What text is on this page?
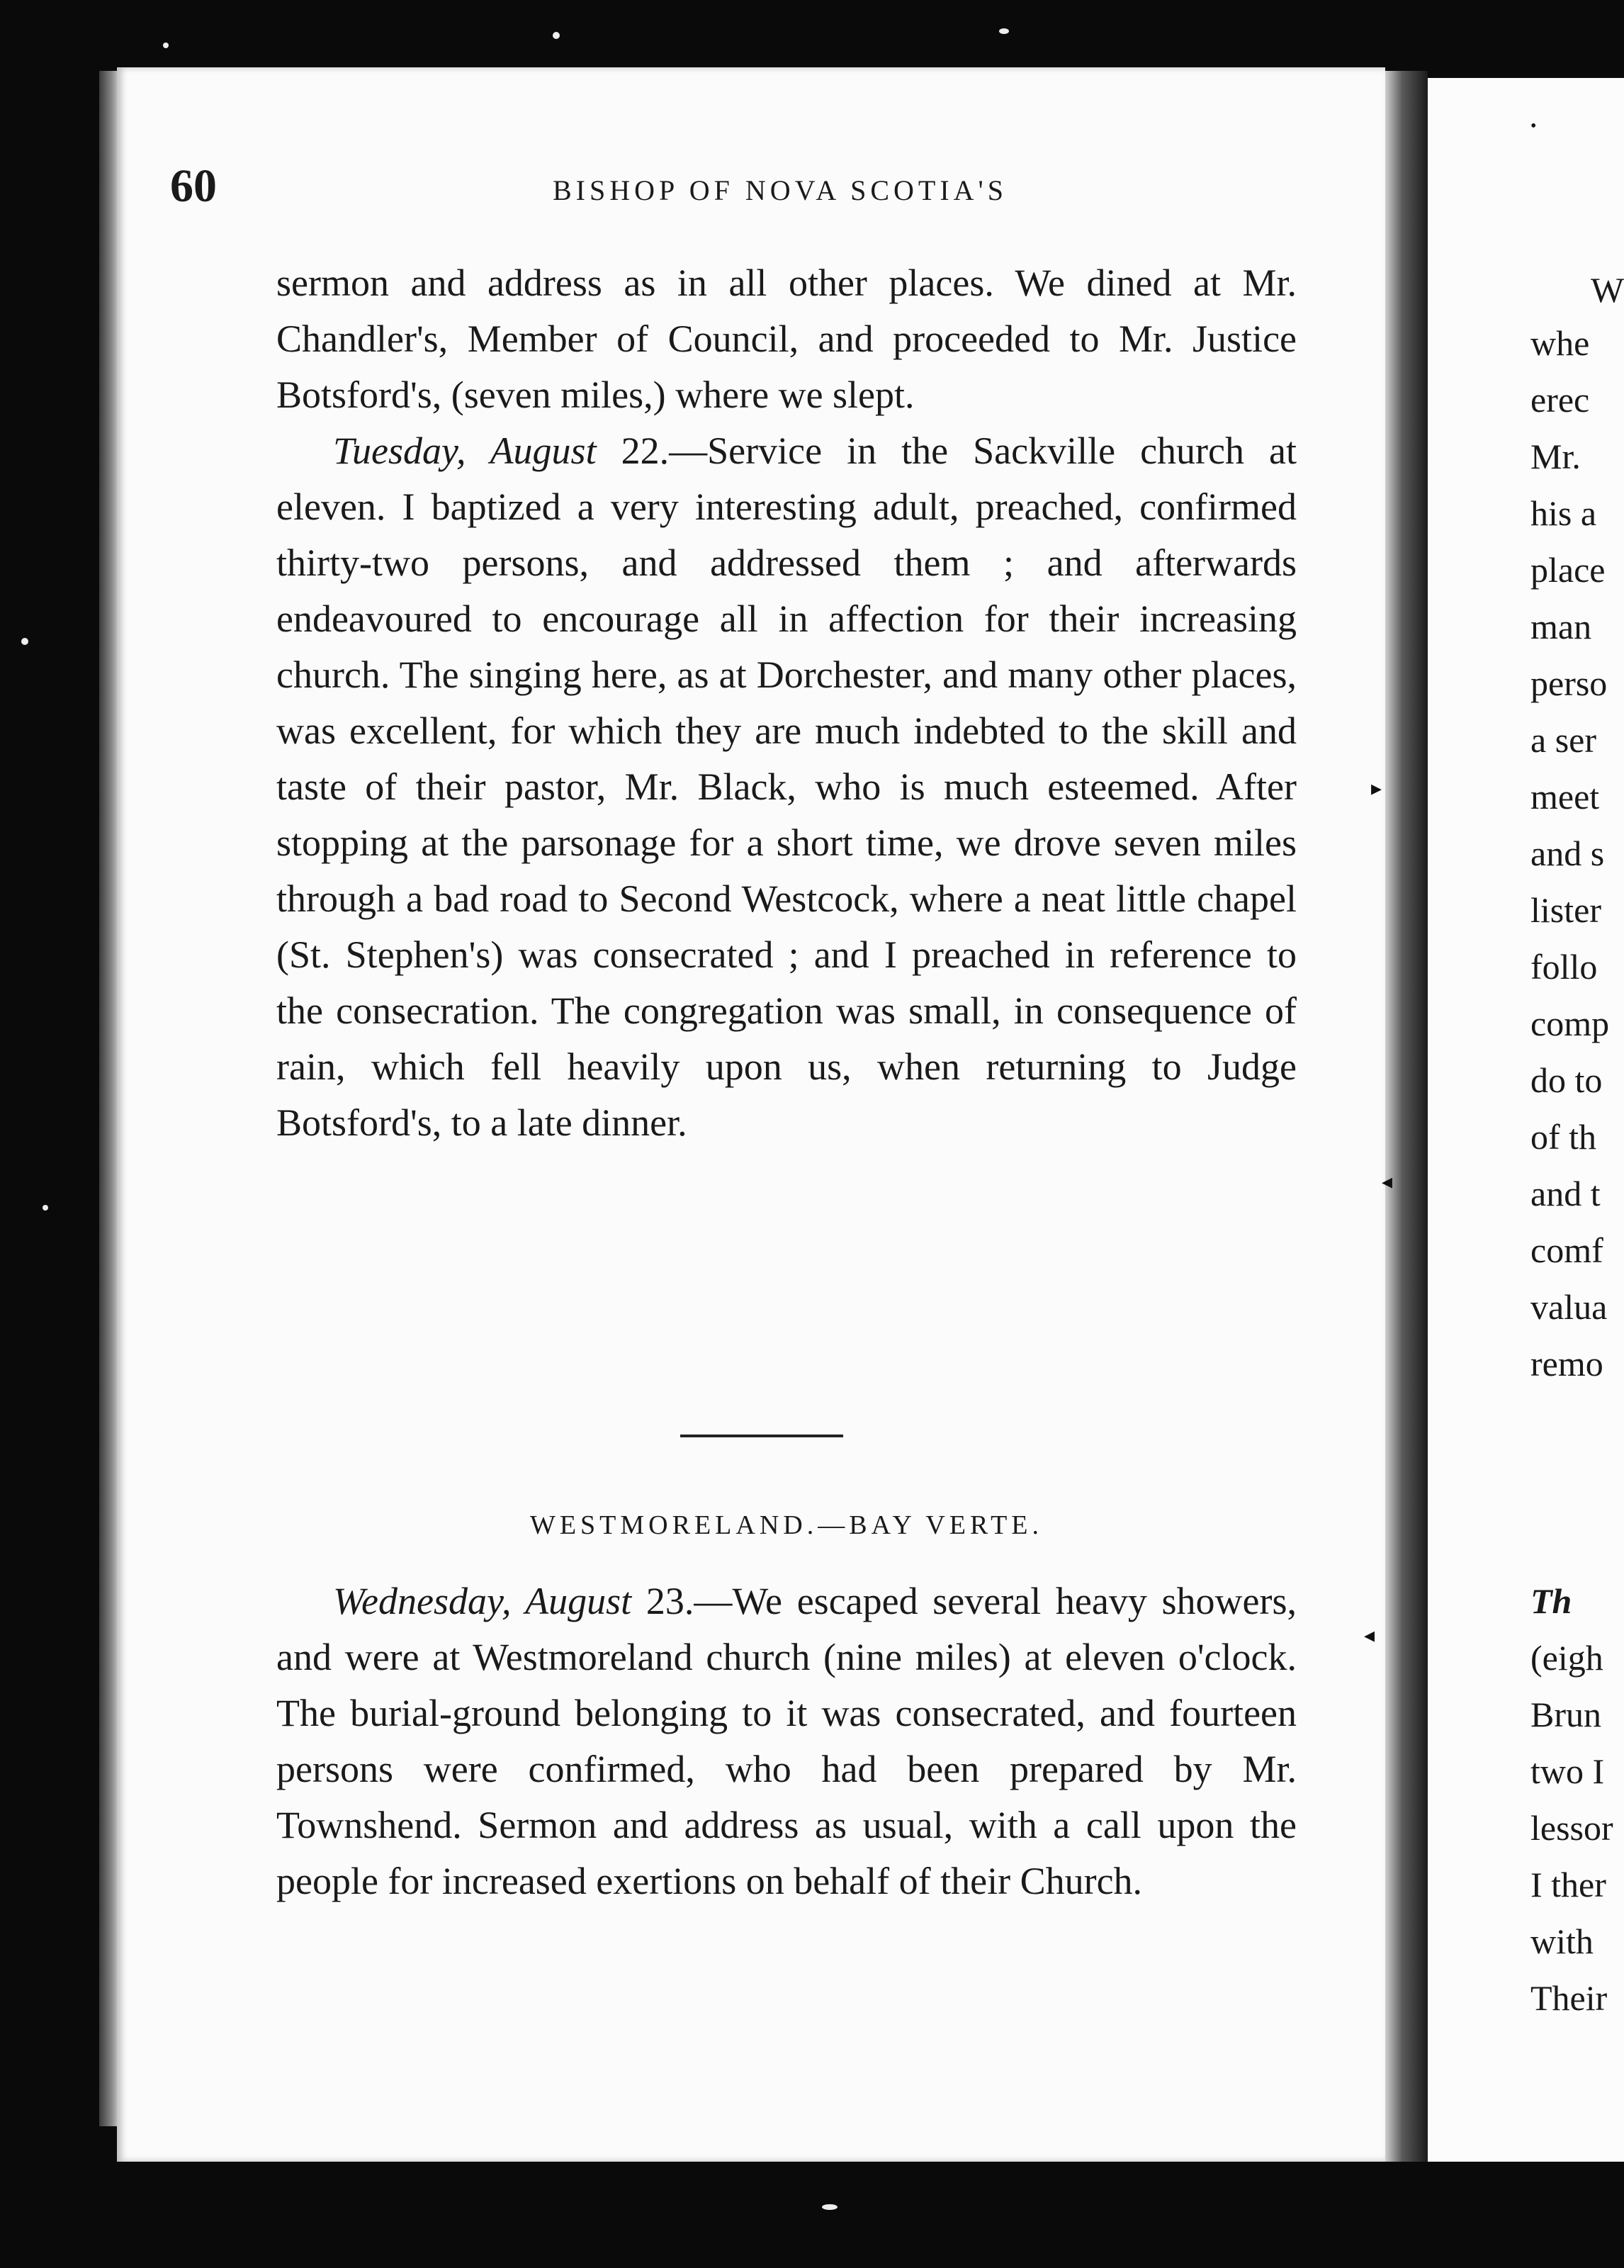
60	BISHOP OF NOVA SCOTIA'S

sermon and address as in all other places. We dined at Mr. Chandler's, Member of Council, and proceeded to Mr. Justice Botsford's, (seven miles,) where we slept.

Tuesday, August 22.—Service in the Sackville church at eleven. I baptized a very interesting adult, preached, confirmed thirty-two persons, and addressed them ; and afterwards endeavoured to encourage all in affection for their increasing church. The singing here, as at Dorchester, and many other places, was excellent, for which they are much indebted to the skill and taste of their pastor, Mr. Black, who is much esteemed. After stopping at the parsonage for a short time, we drove seven miles through a bad road to Second Westcock, where a neat little chapel (St. Stephen's) was consecrated ; and I preached in reference to the consecration. The congregation was small, in consequence of rain, which fell heavily upon us, when returning to Judge Botsford's, to a late dinner.

WESTMORELAND.—BAY VERTE.

Wednesday, August 23.—We escaped several heavy showers, and were at Westmoreland church (nine miles) at eleven o'clock. The burial-ground belonging to it was consecrated, and fourteen persons were confirmed, who had been prepared by Mr. Townshend. Sermon and address as usual, with a call upon the people for increased exertions on behalf of their Church.

W
whe
erec
Mr.
his a
place
man
perso
a ser
meet
and s
lister
follo
comp
do to
of th
and t
comf
valua
remo
Th
(eigh
Brun
two I
lessor
I ther
with
Their
▸
◂
◂
•
